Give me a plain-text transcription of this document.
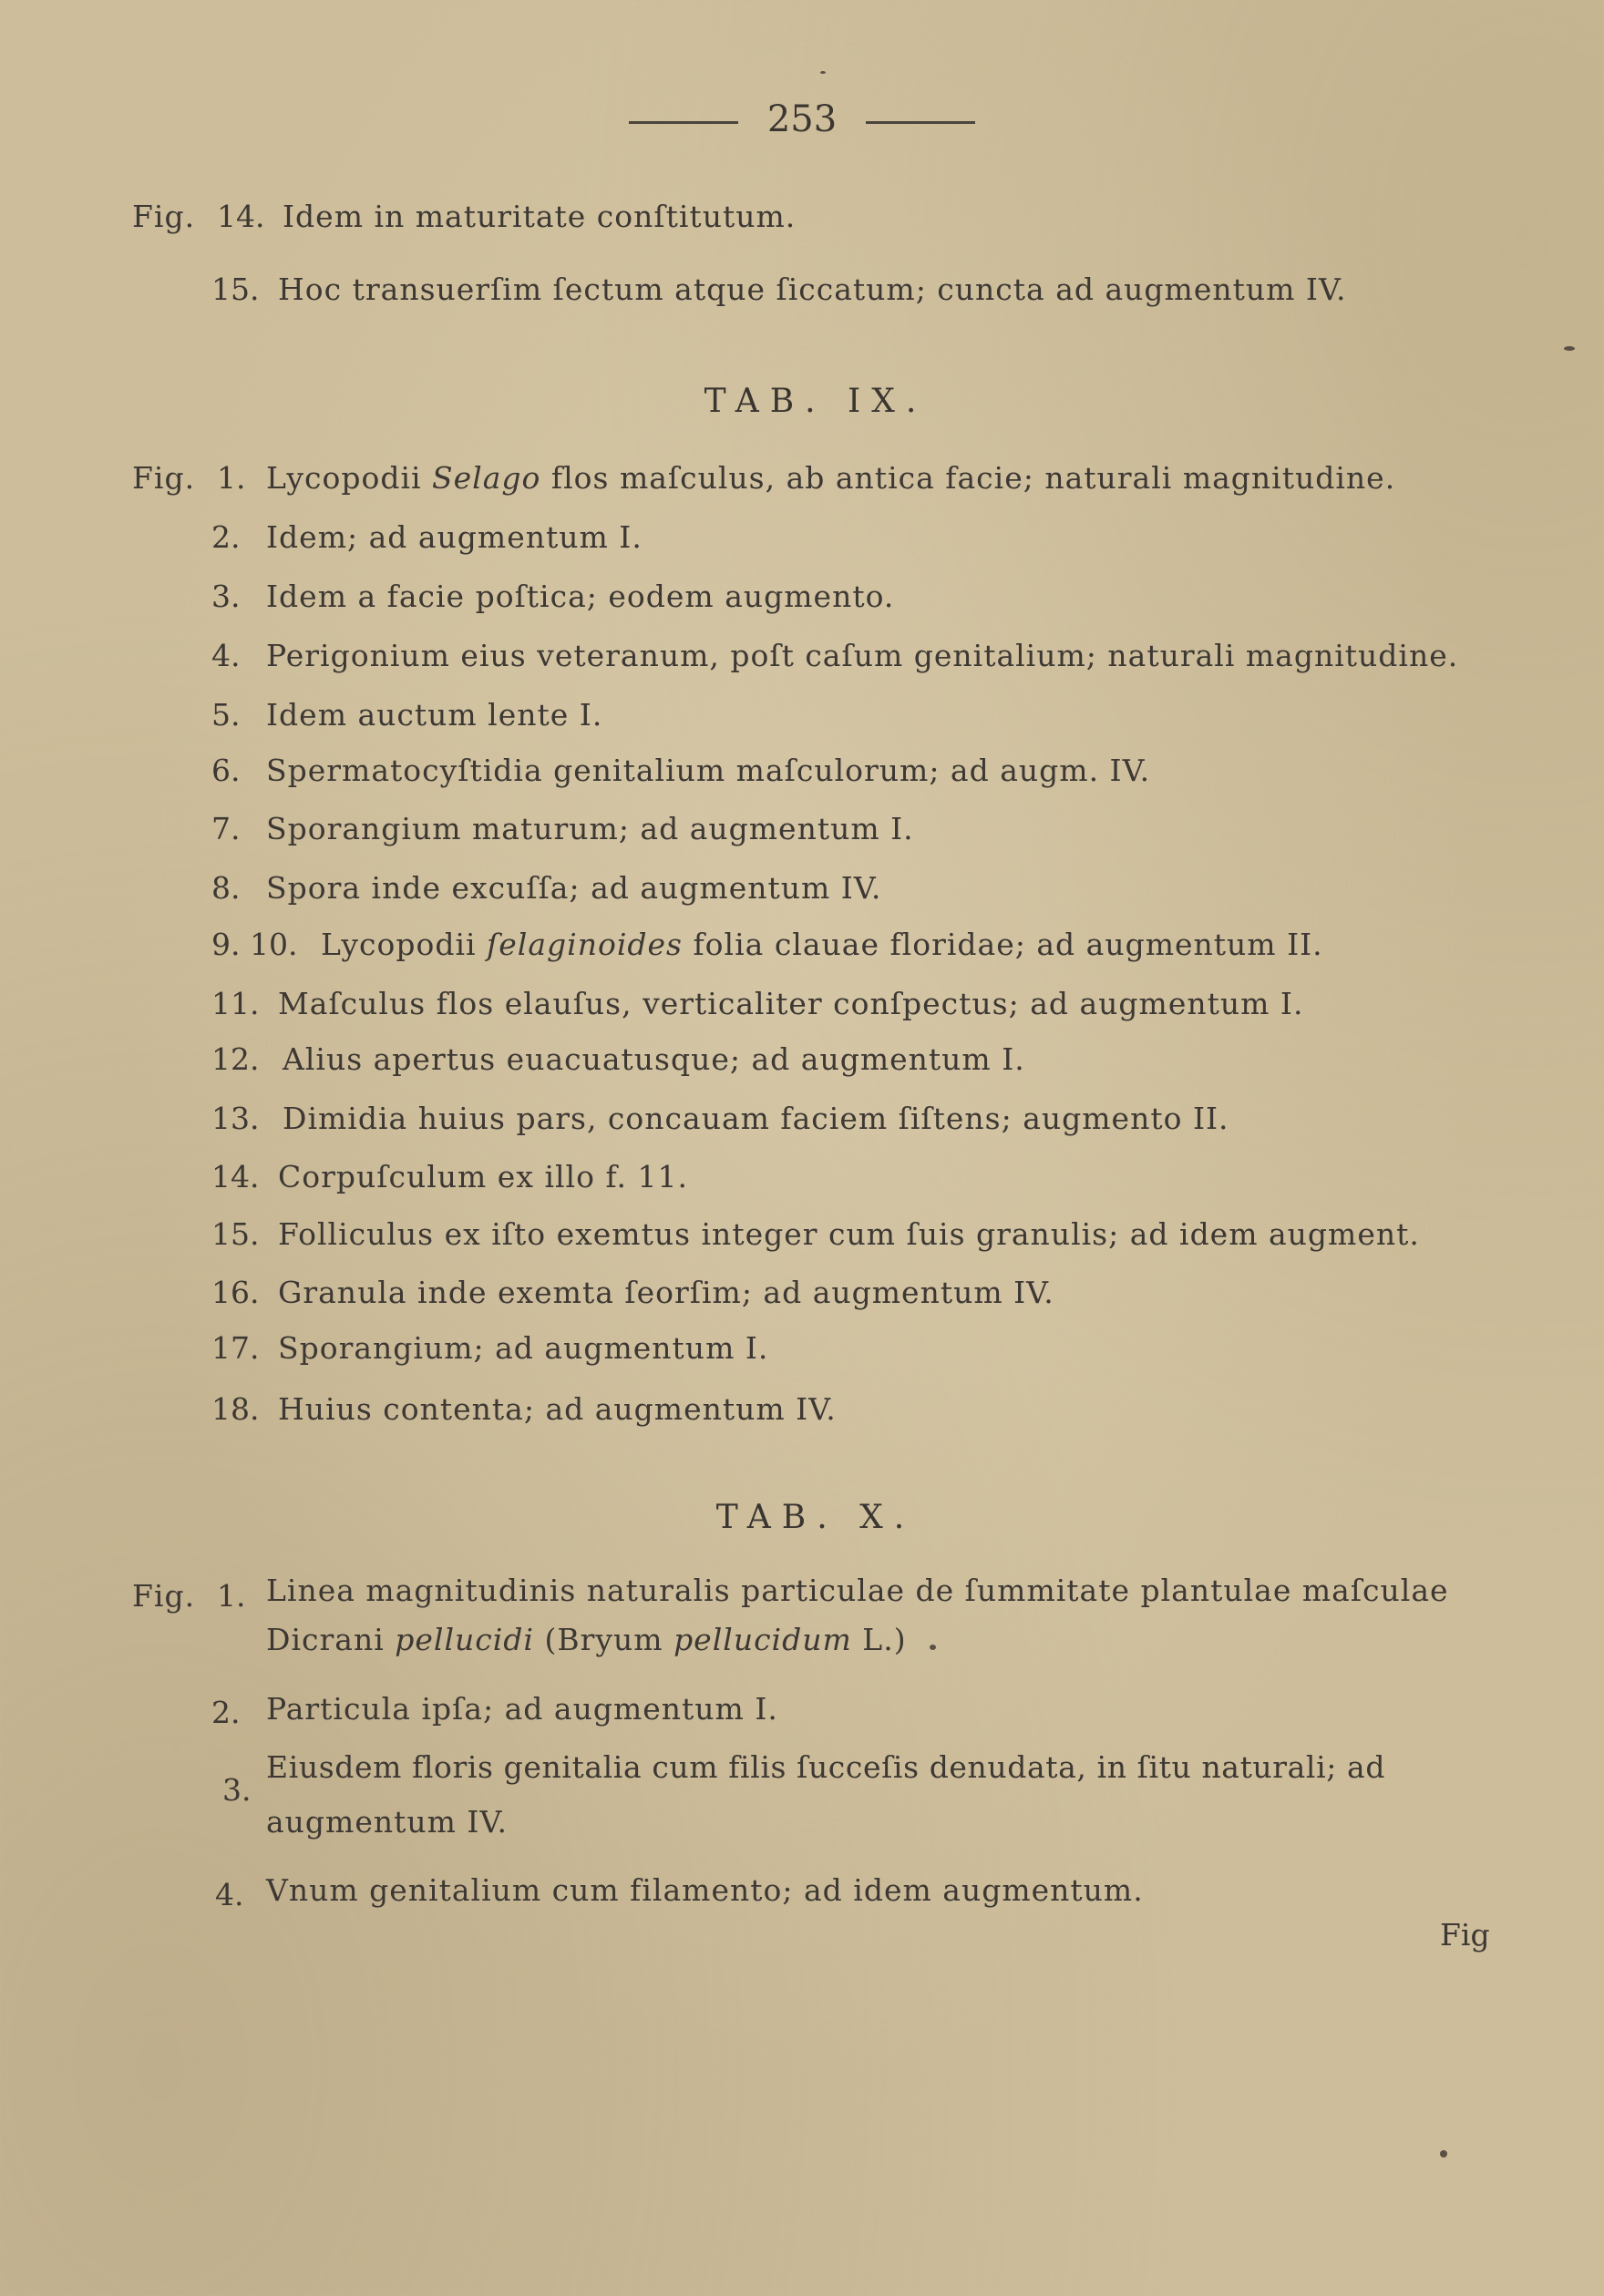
253
Fig. 14. Idem in maturitate conſtitutum.
15. Hoc transuerſim ſectum atque ſiccatum; cuncta ad augmentum IV.
TAB. IX.
Fig. 1. Lycopodii Selago flos maſculus, ab antica facie; naturali magnitudine.
2. Idem; ad augmentum I.
3. Idem a facie poſtica; eodem augmento.
4. Perigonium eius veteranum, poſt caſum genitalium; naturali magnitudine.
5. Idem auctum lente I.
6. Spermatocyſtidia genitalium maſculorum; ad augm. IV.
7. Sporangium maturum; ad augmentum I.
8. Spora inde excuſſa; ad augmentum IV.
9. 10. Lycopodii ſelaginoides folia clauae floridae; ad augmentum II.
11. Maſculus flos elauſus, verticaliter conſpectus; ad augmentum I.
12. Alius apertus euacuatusque; ad augmentum I.
13. Dimidia huius pars, concauam faciem ſiſtens; augmento II.
14. Corpuſculum ex illo f. 11.
15. Folliculus ex iſto exemtus integer cum ſuis granulis; ad idem augment.
16. Granula inde exemta ſeorſim; ad augmentum IV.
17. Sporangium; ad augmentum I.
18. Huius contenta; ad augmentum IV.
TAB. X.
Fig. 1. Linea magnitudinis naturalis particulae de ſummitate plantulae maſculae
Dicrani pellucidi (Bryum pellucidum L.)
2. Particula ipſa; ad augmentum I.
3.
Eiusdem floris genitalia cum filis ſucceſis denudata, in ſitu naturali; ad
augmentum IV.
4. Vnum genitalium cum filamento; ad idem augmentum.
Fig
